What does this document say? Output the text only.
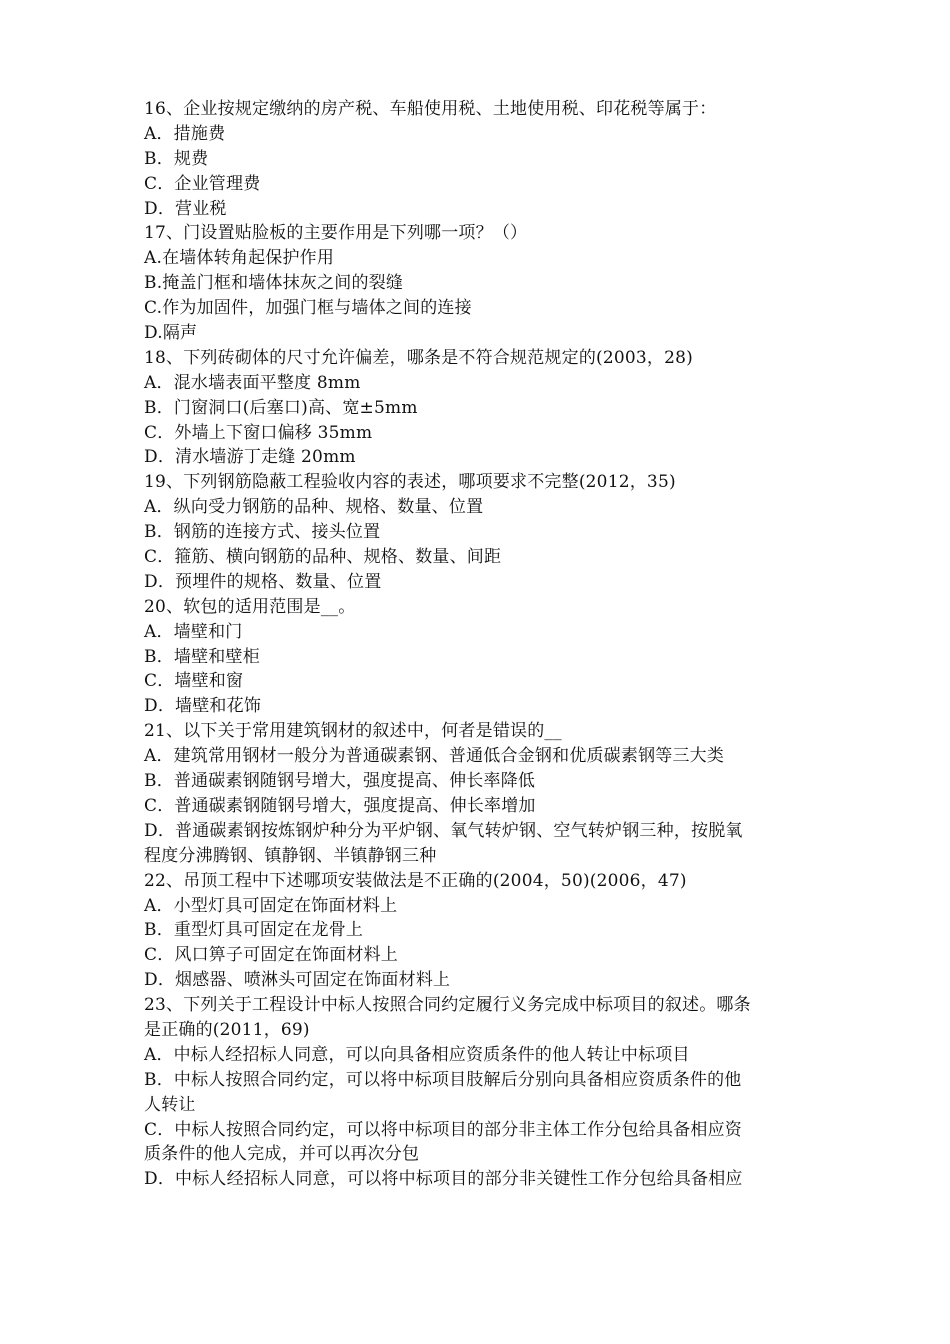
16、企业按规定缴纳的房产税、车船使用税、土地使用税、印花税等属于：
A．措施费
B．规费
C．企业管理费
D．营业税
17、门设置贴脸板的主要作用是下列哪一项？（）
A.在墙体转角起保护作用
B.掩盖门框和墙体抹灰之间的裂缝
C.作为加固件，加强门框与墙体之间的连接
D.隔声
18、下列砖砌体的尺寸允许偏差，哪条是不符合规范规定的(2003，28)
A．混水墙表面平整度 8mm
B．门窗洞口(后塞口)高、宽±5mm
C．外墙上下窗口偏移 35mm
D．清水墙游丁走缝 20mm
19、下列钢筋隐蔽工程验收内容的表述，哪项要求不完整(2012，35)
A．纵向受力钢筋的品种、规格、数量、位置
B．钢筋的连接方式、接头位置
C．箍筋、横向钢筋的品种、规格、数量、间距
D．预埋件的规格、数量、位置
20、软包的适用范围是__。
A．墙壁和门
B．墙壁和壁柜
C．墙壁和窗
D．墙壁和花饰
21、以下关于常用建筑钢材的叙述中，何者是错误的__
A．建筑常用钢材一般分为普通碳素钢、普通低合金钢和优质碳素钢等三大类
B．普通碳素钢随钢号增大，强度提高、伸长率降低
C．普通碳素钢随钢号增大，强度提高、伸长率增加
D．普通碳素钢按炼钢炉种分为平炉钢、氧气转炉钢、空气转炉钢三种，按脱氧
程度分沸腾钢、镇静钢、半镇静钢三种
22、吊顶工程中下述哪项安装做法是不正确的(2004，50)(2006，47)
A．小型灯具可固定在饰面材料上
B．重型灯具可固定在龙骨上
C．风口箅子可固定在饰面材料上
D．烟感器、喷淋头可固定在饰面材料上
23、下列关于工程设计中标人按照合同约定履行义务完成中标项目的叙述。哪条
是正确的(2011，69)
A．中标人经招标人同意，可以向具备相应资质条件的他人转让中标项目
B．中标人按照合同约定，可以将中标项目肢解后分别向具备相应资质条件的他
人转让
C．中标人按照合同约定，可以将中标项目的部分非主体工作分包给具备相应资
质条件的他人完成，并可以再次分包
D．中标人经招标人同意，可以将中标项目的部分非关键性工作分包给具备相应
